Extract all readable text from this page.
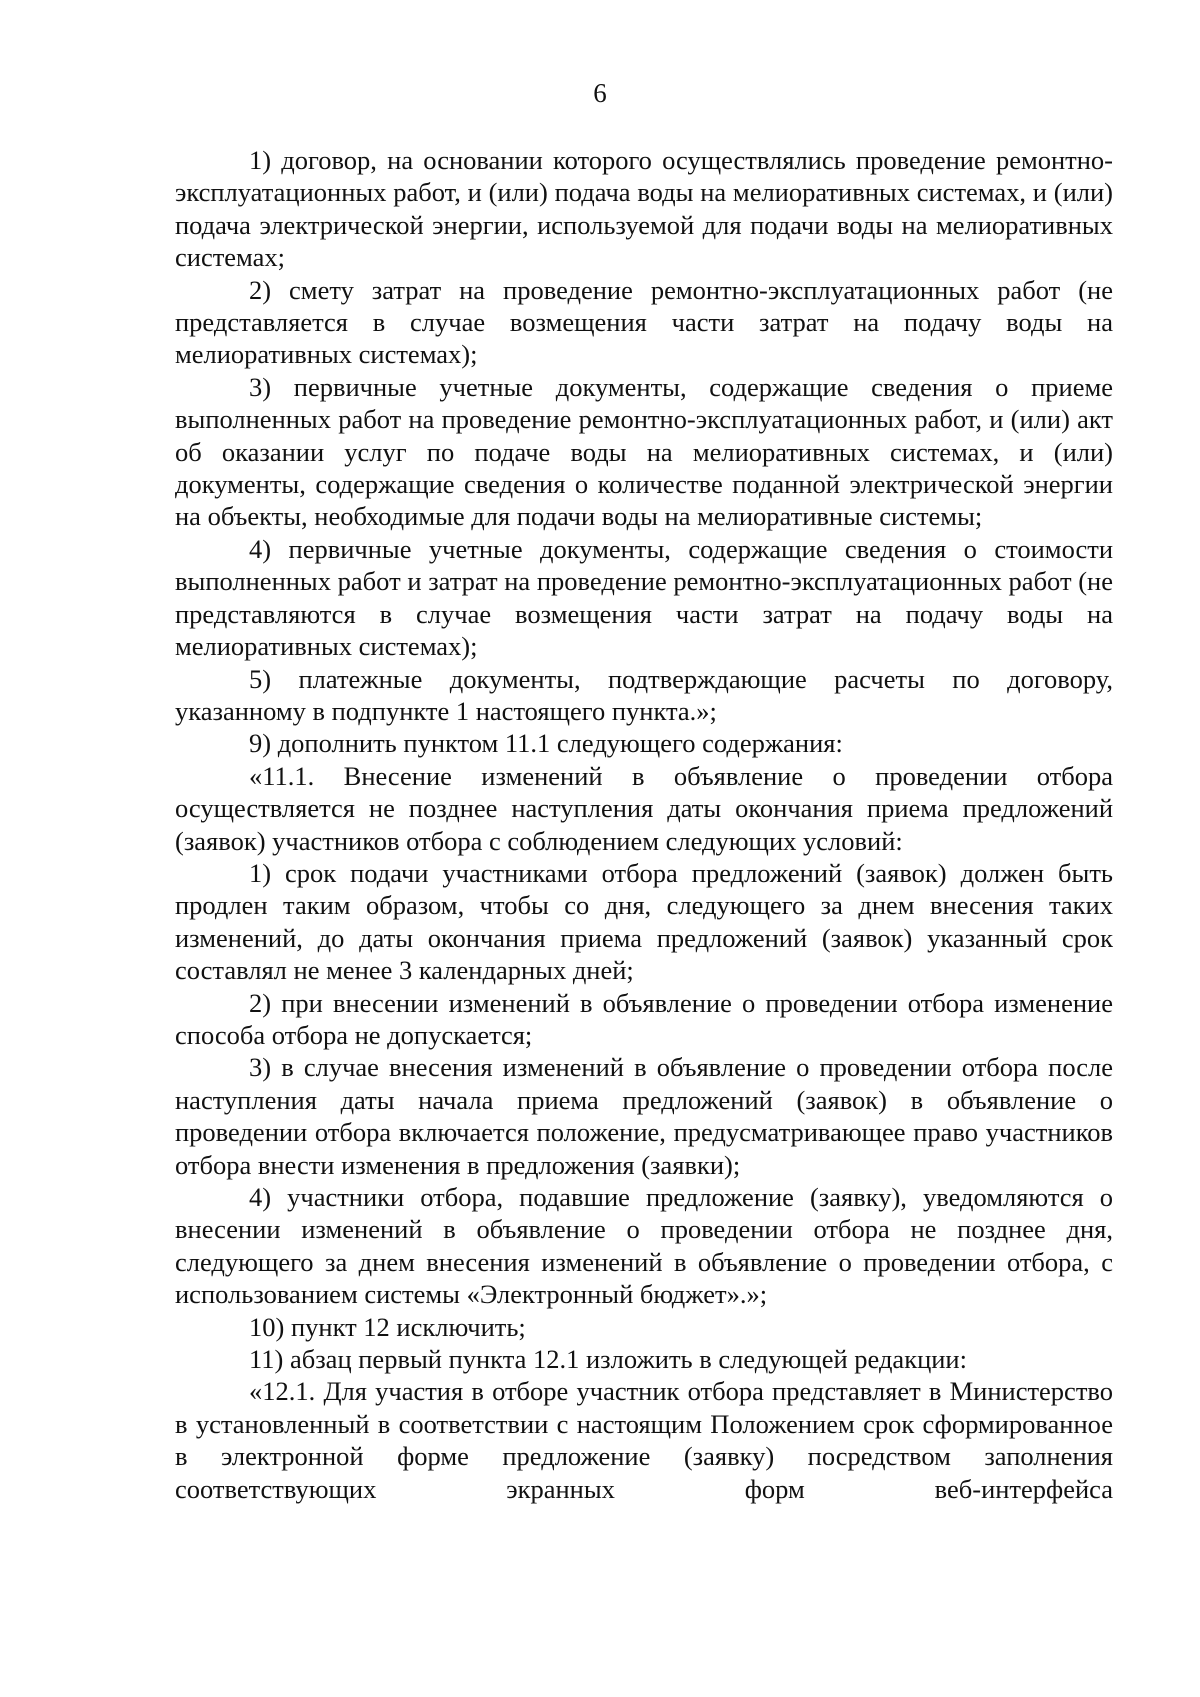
6

1) договор, на основании которого осуществлялись проведение ремонтно-эксплуатационных работ, и (или) подача воды на мелиоративных системах, и (или) подача электрической энергии, используемой для подачи воды на мелиоративных системах;

2) смету затрат на проведение ремонтно-эксплуатационных работ (не представляется в случае возмещения части затрат на подачу воды на мелиоративных системах);

3) первичные учетные документы, содержащие сведения о приеме выполненных работ на проведение ремонтно-эксплуатационных работ, и (или) акт об оказании услуг по подаче воды на мелиоративных системах, и (или) документы, содержащие сведения о количестве поданной электрической энергии на объекты, необходимые для подачи воды на мелиоративные системы;

4) первичные учетные документы, содержащие сведения о стоимости выполненных работ и затрат на проведение ремонтно-эксплуатационных работ (не представляются в случае возмещения части затрат на подачу воды на мелиоративных системах);

5) платежные документы, подтверждающие расчеты по договору, указанному в подпункте 1 настоящего пункта.»;

9) дополнить пунктом 11.1 следующего содержания:

«11.1. Внесение изменений в объявление о проведении отбора осуществляется не позднее наступления даты окончания приема предложений (заявок) участников отбора с соблюдением следующих условий:

1) срок подачи участниками отбора предложений (заявок) должен быть продлен таким образом, чтобы со дня, следующего за днем внесения таких изменений, до даты окончания приема предложений (заявок) указанный срок составлял не менее 3 календарных дней;

2) при внесении изменений в объявление о проведении отбора изменение способа отбора не допускается;

3) в случае внесения изменений в объявление о проведении отбора после наступления даты начала приема предложений (заявок) в объявление о проведении отбора включается положение, предусматривающее право участников отбора внести изменения в предложения (заявки);

4) участники отбора, подавшие предложение (заявку), уведомляются о внесении изменений в объявление о проведении отбора не позднее дня, следующего за днем внесения изменений в объявление о проведении отбора, с использованием системы «Электронный бюджет».»;

10) пункт 12 исключить;

11) абзац первый пункта 12.1 изложить в следующей редакции:

«12.1. Для участия в отборе участник отбора представляет в Министерство в установленный в соответствии с настоящим Положением срок сформированное в электронной форме предложение (заявку) посредством заполнения соответствующих экранных форм веб-интерфейса
